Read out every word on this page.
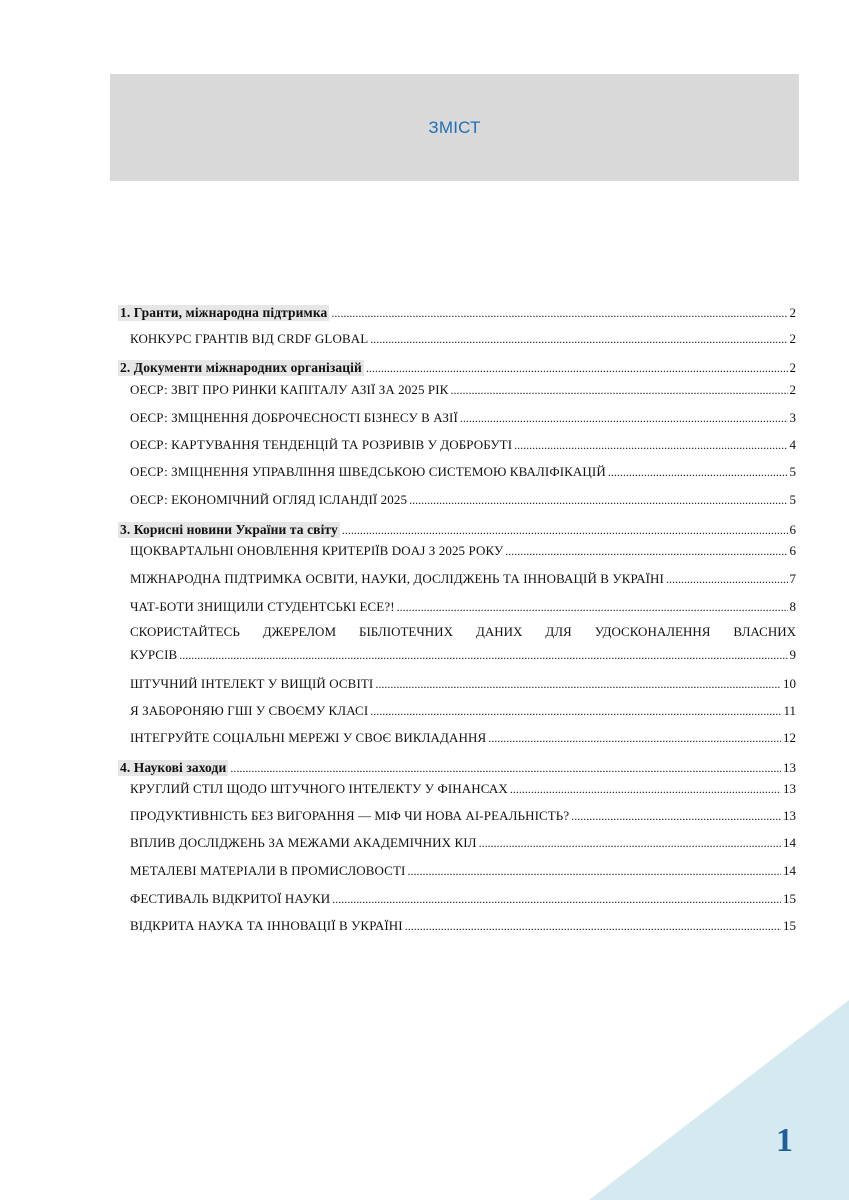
ЗМІСТ
1. Гранти, міжнародна підтримка .....	2
КОНКУРС ГРАНТІВ ВІД CRDF GLOBAL .....	2
2. Документи міжнародних організацій .....	2
ОЕСР: ЗВІТ ПРО РИНКИ КАПІТАЛУ АЗІЇ ЗА 2025 РІК .....	2
ОЕСР: ЗМІЦНЕННЯ ДОБРОЧЕСНОСТІ БІЗНЕСУ В АЗІЇ .....	3
ОЕСР: КАРТУВАННЯ ТЕНДЕНЦІЙ ТА РОЗРИВІВ У ДОБРОБУТІ .....	4
ОЕСР: ЗМІЦНЕННЯ УПРАВЛІННЯ ШВЕДСЬКОЮ СИСТЕМОЮ КВАЛІФІКАЦІЙ .....	5
ОЕСР: ЕКОНОМІЧНИЙ ОГЛЯД ІСЛАНДІЇ 2025 .....	5
3. Корисні новини України та світу .....	6
ЩОКВАРТАЛЬНІ ОНОВЛЕННЯ КРИТЕРІЇВ DOAJ З 2025 РОКУ .....	6
МІЖНАРОДНА ПІДТРИМКА ОСВІТИ, НАУКИ, ДОСЛІДЖЕНЬ ТА ІННОВАЦІЙ В УКРАЇНІ .....	7
ЧАТ-БОТИ ЗНИЩИЛИ СТУДЕНТСЬКІ ЕСЕ?! .....	8
СКОРИСТАЙТЕСЬ ДЖЕРЕЛОМ БІБЛІОТЕЧНИХ ДАНИХ ДЛЯ УДОСКОНАЛЕННЯ ВЛАСНИХ
КУРСІВ .....	9
ШТУЧНИЙ ІНТЕЛЕКТ У ВИЩІЙ ОСВІТІ .....	10
Я ЗАБОРОНЯЮ ГШІ У СВОЄМУ КЛАСІ .....	11
ІНТЕГРУЙТЕ СОЦІАЛЬНІ МЕРЕЖІ У СВОЄ ВИКЛАДАННЯ .....	12
4. Наукові заходи .....	13
КРУГЛИЙ СТІЛ ЩОДО ШТУЧНОГО ІНТЕЛЕКТУ У ФІНАНСАХ .....	13
ПРОДУКТИВНІСТЬ БЕЗ ВИГОРАННЯ — МІФ ЧИ НОВА AI-РЕАЛЬНІСТЬ? .....	13
ВПЛИВ ДОСЛІДЖЕНЬ ЗА МЕЖАМИ АКАДЕМІЧНИХ КІЛ .....	14
МЕТАЛЕВІ МАТЕРІАЛИ В ПРОМИСЛОВОСТІ .....	14
ФЕСТИВАЛЬ ВІДКРИТОЇ НАУКИ .....	15
ВІДКРИТА НАУКА ТА ІННОВАЦІЇ В УКРАЇНІ .....	15
1
